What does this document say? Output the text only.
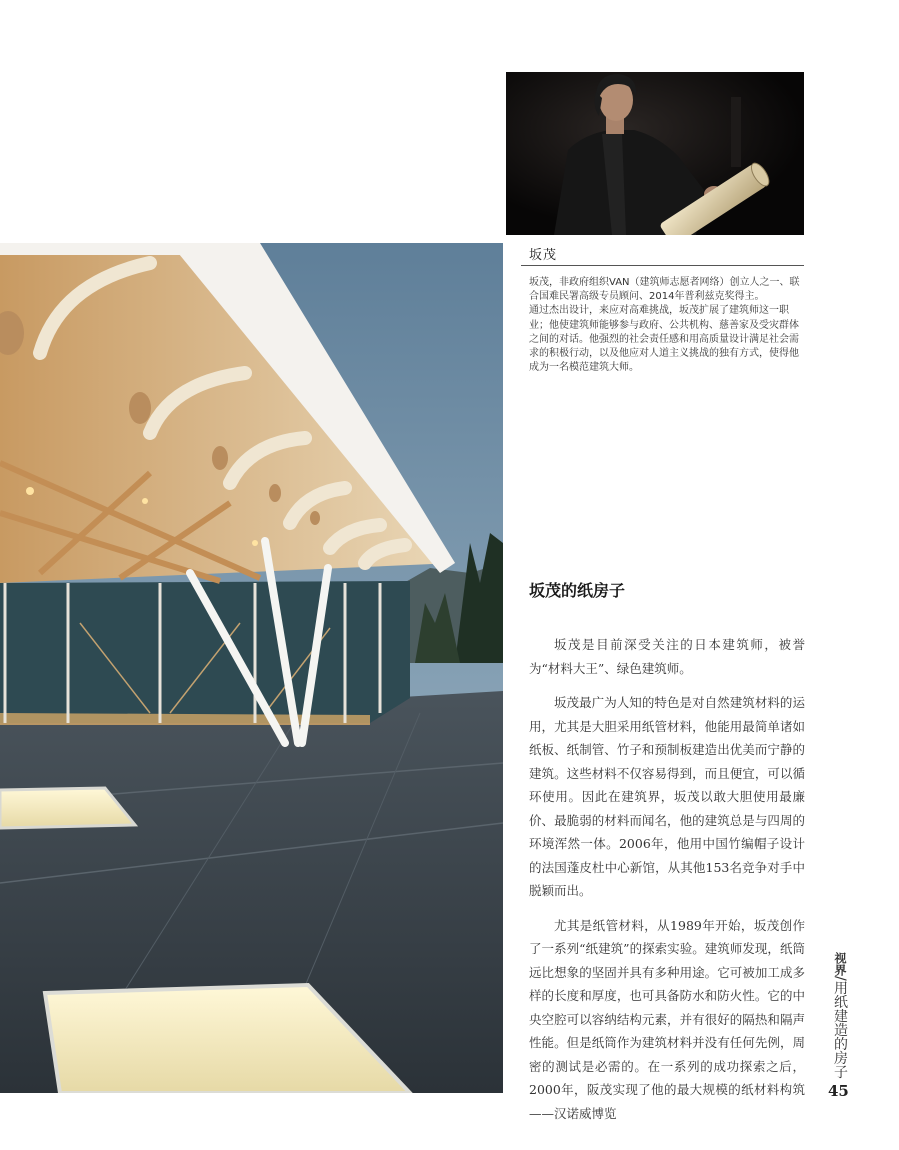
坂茂

坂茂，非政府组织VAN（建筑师志愿者网络）创立人之一、联合国难民署高级专员顾问、2014年普利兹克奖得主。

通过杰出设计，来应对高难挑战，坂茂扩展了建筑师这一职业；他使建筑师能够参与政府、公共机构、慈善家及受灾群体之间的对话。他强烈的社会责任感和用高质量设计满足社会需求的积极行动，以及他应对人道主义挑战的独有方式，使得他成为一名模范建筑大师。

坂茂的纸房子

坂茂是目前深受关注的日本建筑师，被誉为“材料大王”、绿色建筑师。

坂茂最广为人知的特色是对自然建筑材料的运用，尤其是大胆采用纸管材料，他能用最简单诸如纸板、纸制管、竹子和预制板建造出优美而宁静的建筑。这些材料不仅容易得到，而且便宜，可以循环使用。因此在建筑界，坂茂以敢大胆使用最廉价、最脆弱的材料而闻名，他的建筑总是与四周的环境浑然一体。2006年，他用中国竹编帽子设计的法国蓬皮杜中心新馆，从其他153名竞争对手中脱颖而出。

尤其是纸管材料，从1989年开始，坂茂创作了一系列“纸建筑”的探索实验。建筑师发现，纸筒远比想象的坚固并具有多种用途。它可被加工成多样的长度和厚度，也可具备防水和防火性。它的中央空腔可以容纳结构元素，并有很好的隔热和隔声性能。但是纸筒作为建筑材料并没有任何先例，周密的测试是必需的。在一系列的成功探索之后，2000年，阪茂实现了他的最大规模的纸材料构筑——汉诺威博览

视界/用纸建造的房子
45
